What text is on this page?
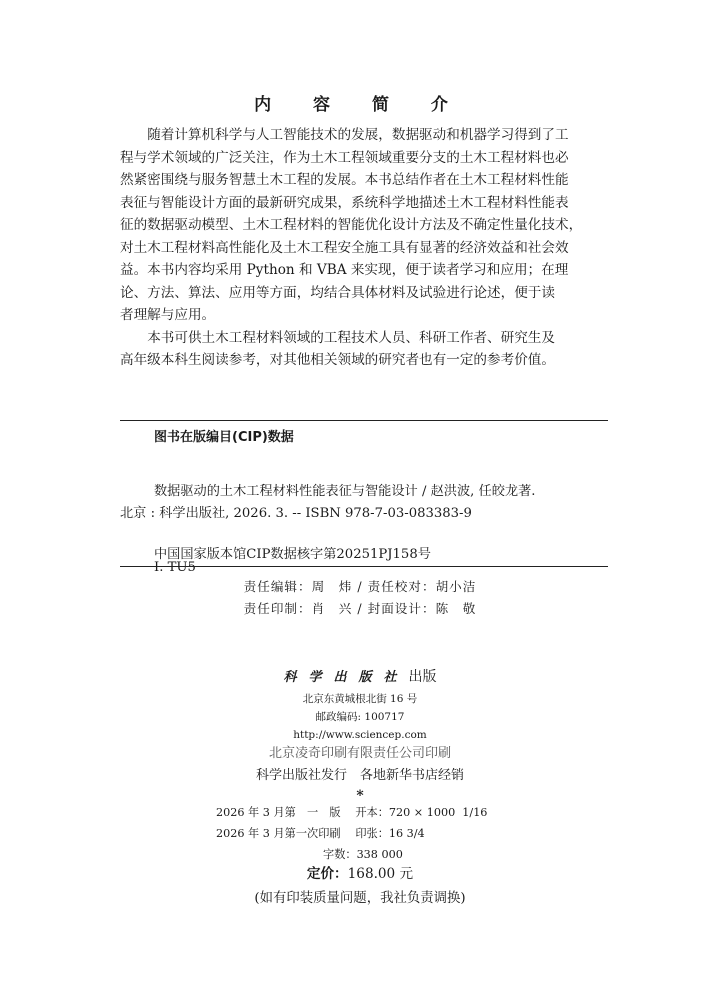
内 容 简 介

随着计算机科学与人工智能技术的发展，数据驱动和机器学习得到了工
程与学术领域的广泛关注，作为土木工程领域重要分支的土木工程材料也必
然紧密围绕与服务智慧土木工程的发展。本书总结作者在土木工程材料性能
表征与智能设计方面的最新研究成果，系统科学地描述土木工程材料性能表
征的数据驱动模型、土木工程材料的智能优化设计方法及不确定性量化技术，
对土木工程材料高性能化及土木工程安全施工具有显著的经济效益和社会效
益。本书内容均采用 Python 和 VBA 来实现，便于读者学习和应用；在理
论、方法、算法、应用等方面，均结合具体材料及试验进行论述，便于读
者理解与应用。

本书可供土木工程材料领域的工程技术人员、科研工作者、研究生及
高年级本科生阅读参考，对其他相关领域的研究者也有一定的参考价值。

图书在版编目(CIP)数据

数据驱动的土木工程材料性能表征与智能设计 / 赵洪波, 任皎龙著.

北京 : 科学出版社, 2026. 3. -- ISBN 978-7-03-083383-9

Ⅰ. TU5
中国国家版本馆CIP数据核字第20251PJ158号
责任编辑：周　炜 / 责任校对：胡小洁
责任印制：肖　兴 / 封面设计：陈　敬
科学出版社出版
北京东黄城根北街 16 号
邮政编码: 100717
http://www.sciencep.com
北京凌奇印刷有限责任公司印刷
科学出版社发行　各地新华书店经销
*
2026 年 3 月第　一　版　 开本：720 × 1000  1/16
2026 年 3 月第一次印刷　 印张：16 3/4
字数：338 000
定价：168.00 元
(如有印装质量问题，我社负责调换)
